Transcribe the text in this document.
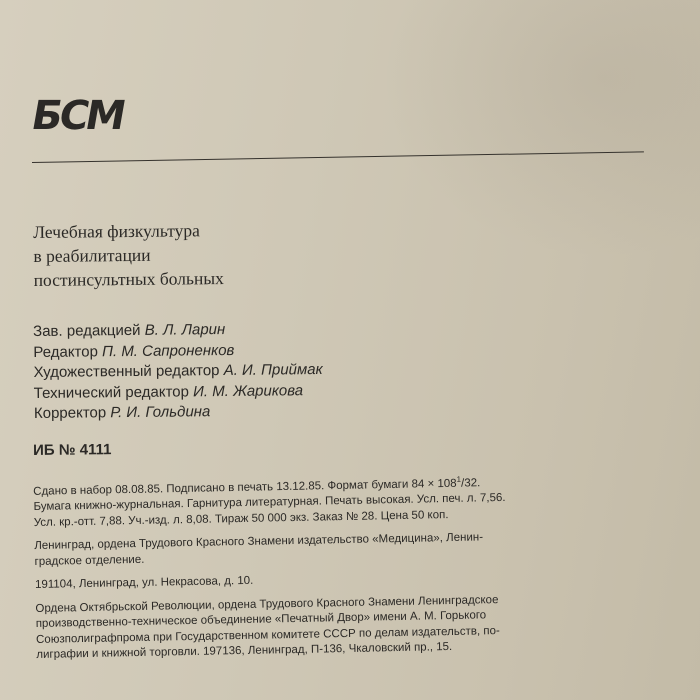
БСМ
Лечебная физкультура
в реабилитации
постинсультных больных
Зав. редакцией В. Л. Ларин
Редактор П. М. Сапроненков
Художественный редактор А. И. Приймак
Технический редактор И. М. Жарикова
Корректор Р. И. Гольдина
ИБ № 4111
Сдано в набор 08.08.85. Подписано в печать 13.12.85. Формат бумаги $84 \times 108^1/32$.
Бумага книжно-журнальная. Гарнитура литературная. Печать высокая. Усл. печ. л. 7,56.
Усл. кр.-отт. 7,88. Уч.-изд. л. 8,08. Тираж 50 000 экз. Заказ № 28. Цена 50 коп.
Ленинград, ордена Трудового Красного Знамени издательство «Медицина», Ленин-
градское отделение.
191104, Ленинград, ул. Некрасова, д. 10.
Ордена Октябрьской Революции, ордена Трудового Красного Знамени Ленинградское
производственно-техническое объединение «Печатный Двор» имени А. М. Горького
Союзполиграфпрома при Государственном комитете СССР по делам издательств, по-
лиграфии и книжной торговли. 197136, Ленинград, П-136, Чкаловский пр., 15.
